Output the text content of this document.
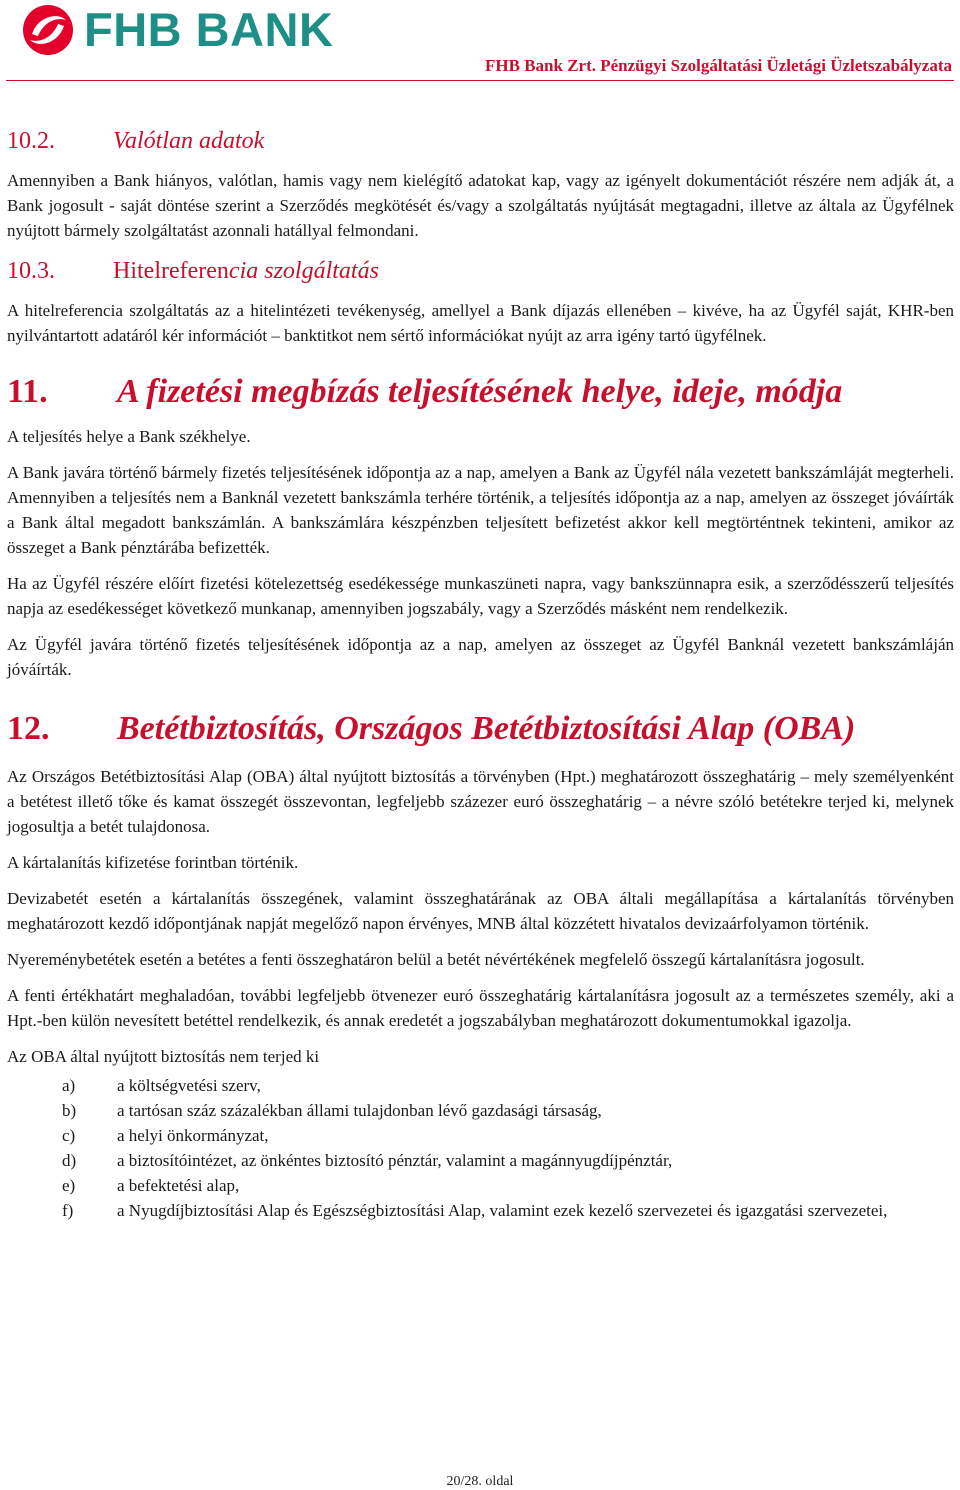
FHB BANK
FHB Bank Zrt. Pénzügyi Szolgáltatási Üzletági Üzletszabályzata
10.2. Valótlan adatok

Amennyiben a Bank hiányos, valótlan, hamis vagy nem kielégítő adatokat kap, vagy az igényelt dokumentációt részére nem adják át, a Bank jogosult - saját döntése szerint a Szerződés megkötését és/vagy a szolgáltatás nyújtását megtagadni, illetve az általa az Ügyfélnek nyújtott bármely szolgáltatást azonnali hatállyal felmondani.

10.3. Hitelreferencia szolgáltatás

A hitelreferencia szolgáltatás az a hitelintézeti tevékenység, amellyel a Bank díjazás ellenében – kivéve, ha az Ügyfél saját, KHR-ben nyilvántartott adatáról kér információt – banktitkot nem sértő információkat nyújt az arra igény tartó ügyfélnek.

11. A fizetési megbízás teljesítésének helye, ideje, módja

A teljesítés helye a Bank székhelye.

A Bank javára történő bármely fizetés teljesítésének időpontja az a nap, amelyen a Bank az Ügyfél nála vezetett bankszámláját megterheli. Amennyiben a teljesítés nem a Banknál vezetett bankszámla terhére történik, a teljesítés időpontja az a nap, amelyen az összeget jóváírták a Bank által megadott bankszámlán. A bankszámlára készpénzben teljesített befizetést akkor kell megtörténtnek tekinteni, amikor az összeget a Bank pénztárába befizették.

Ha az Ügyfél részére előírt fizetési kötelezettség esedékessége munkaszüneti napra, vagy bankszünnapra esik, a szerződésszerű teljesítés napja az esedékességet következő munkanap, amennyiben jogszabály, vagy a Szerződés másként nem rendelkezik.

Az Ügyfél javára történő fizetés teljesítésének időpontja az a nap, amelyen az összeget az Ügyfél Banknál vezetett bankszámláján jóváírták.

12. Betétbiztosítás, Országos Betétbiztosítási Alap (OBA)

Az Országos Betétbiztosítási Alap (OBA) által nyújtott biztosítás a törvényben (Hpt.) meghatározott összeghatárig – mely személyenként a betétest illető tőke és kamat összegét összevontan, legfeljebb százezer euró összeghatárig – a névre szóló betétekre terjed ki, melynek jogosultja a betét tulajdonosa.

A kártalanítás kifizetése forintban történik.

Devizabetét esetén a kártalanítás összegének, valamint összeghatárának az OBA általi megállapítása a kártalanítás törvényben meghatározott kezdő időpontjának napját megelőző napon érvényes, MNB által közzétett hivatalos devizaárfolyamon történik.

Nyereménybetétek esetén a betétes a fenti összeghatáron belül a betét névértékének megfelelő összegű kártalanításra jogosult.

A fenti értékhatárt meghaladóan, további legfeljebb ötvenezer euró összeghatárig kártalanításra jogosult az a természetes személy, aki a Hpt.-ben külön nevesített betéttel rendelkezik, és annak eredetét a jogszabályban meghatározott dokumentumokkal igazolja.

Az OBA által nyújtott biztosítás nem terjed ki

a)	a költségvetési szerv,
b)	a tartósan száz százalékban állami tulajdonban lévő gazdasági társaság,
c)	a helyi önkormányzat,
d)	a biztosítóintézet, az önkéntes biztosító pénztár, valamint a magánnyugdíjpénztár,
e)	a befektetési alap,
f)	a Nyugdíjbiztosítási Alap és Egészségbiztosítási Alap, valamint ezek kezelő szervezetei és igazgatási szervezetei,
20/28. oldal
